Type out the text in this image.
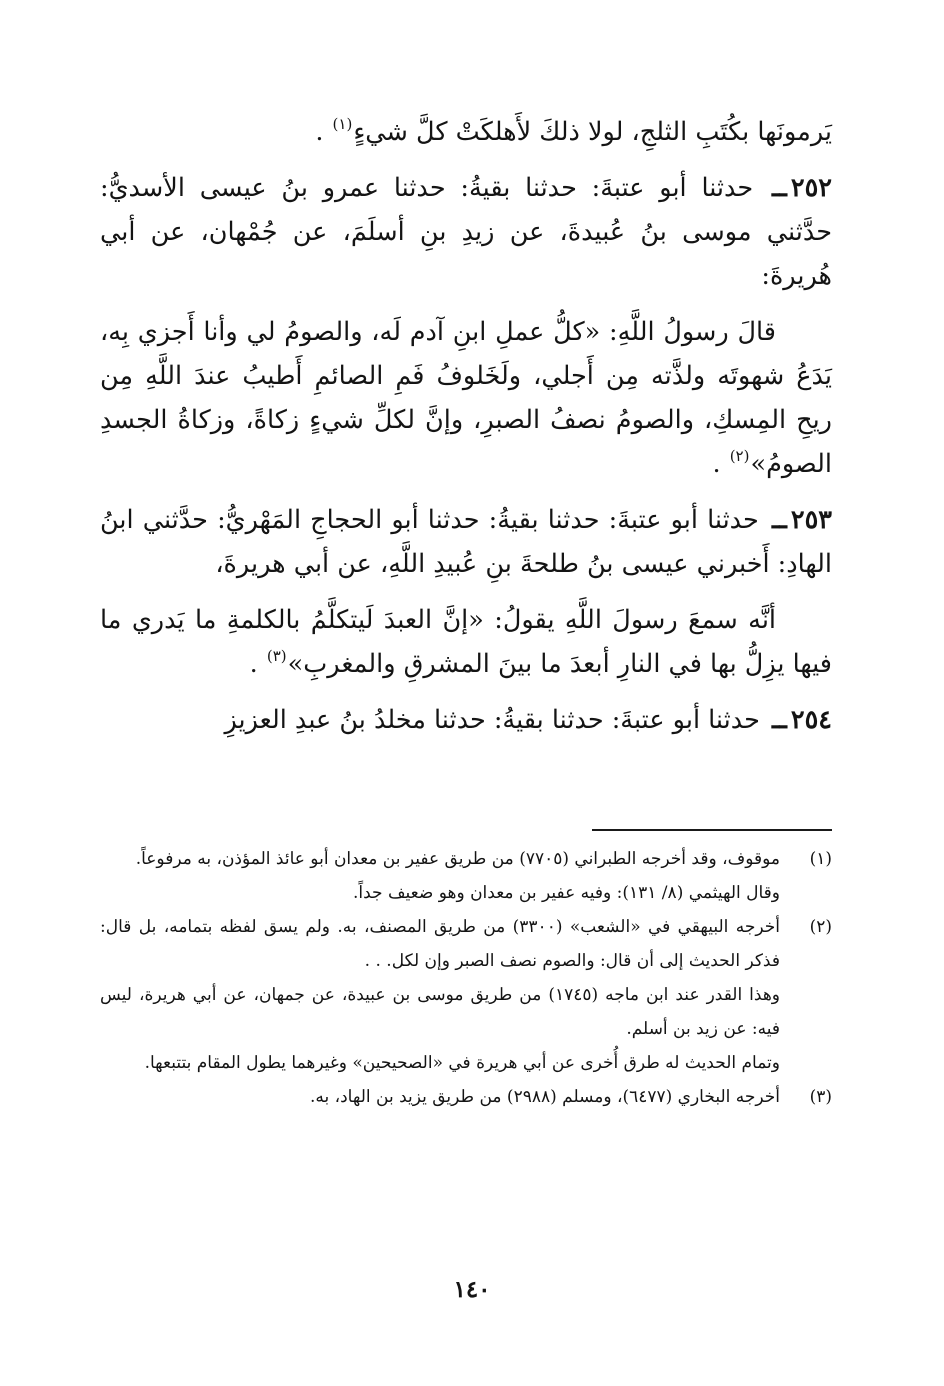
يَرمونَها بكُتَبِ الثلجِ، لولا ذلكَ لأَهلكَتْ كلَّ شيءٍ$^{(١)}$ .

٢٥٢ــ حدثنا أبو عتبةَ: حدثنا بقيةُ: حدثنا عمرو بنُ عيسى الأسديُّ: حدَّثني موسى بنُ عُبيدةَ، عن زيدِ بنِ أسلَمَ، عن جُمْهان، عن أبي هُريرةَ:

قالَ رسولُ اللَّهِ: «كلُّ عملِ ابنِ آدم لَه، والصومُ لي وأنا أَجزي بِه، يَدَعُ شهوتَه ولذَّته مِن أَجلي، ولَخَلوفُ فَمِ الصائمِ أَطيبُ عندَ اللَّهِ مِن ريحِ المِسكِ، والصومُ نصفُ الصبرِ، وإنَّ لكلِّ شيءٍ زكاةً، وزكاةُ الجسدِ الصومُ»$^{(٢)}$ .

٢٥٣ــ حدثنا أبو عتبةَ: حدثنا بقيةُ: حدثنا أبو الحجاجِ المَهْريُّ: حدَّثني ابنُ الهادِ: أَخبرني عيسى بنُ طلحةَ بنِ عُبيدِ اللَّهِ، عن أبي هريرةَ،

أنَّه سمعَ رسولَ اللَّهِ يقولُ: «إنَّ العبدَ لَيتكلَّمُ بالكلمةِ ما يَدري ما فيها يزِلُّ بها في النارِ أبعدَ ما بينَ المشرقِ والمغربِ»$^{(٣)}$ .

٢٥٤ــ حدثنا أبو عتبةَ: حدثنا بقيةُ: حدثنا مخلدُ بنُ عبدِ العزيزِ

(١)

موقوف، وقد أخرجه الطبراني (٧٧٠٥) من طريق عفير بن معدان أبو عائذ المؤذن، به مرفوعاً.

وقال الهيثمي (٨/ ١٣١): وفيه عفير بن معدان وهو ضعيف جداً.

(٢)

أخرجه البيهقي في «الشعب» (٣٣٠٠) من طريق المصنف، به. ولم يسق لفظه بتمامه، بل قال: فذكر الحديث إلى أن قال: والصوم نصف الصبر وإن لكل. . .

وهذا القدر عند ابن ماجه (١٧٤٥) من طريق موسى بن عبيدة، عن جمهان، عن أبي هريرة، ليس فيه: عن زيد بن أسلم.

وتمام الحديث له طرق أُخرى عن أبي هريرة في «الصحيحين» وغيرهما يطول المقام بتتبعها.

(٣)

أخرجه البخاري (٦٤٧٧)، ومسلم (٢٩٨٨) من طريق يزيد بن الهاد، به.

١٤٠
